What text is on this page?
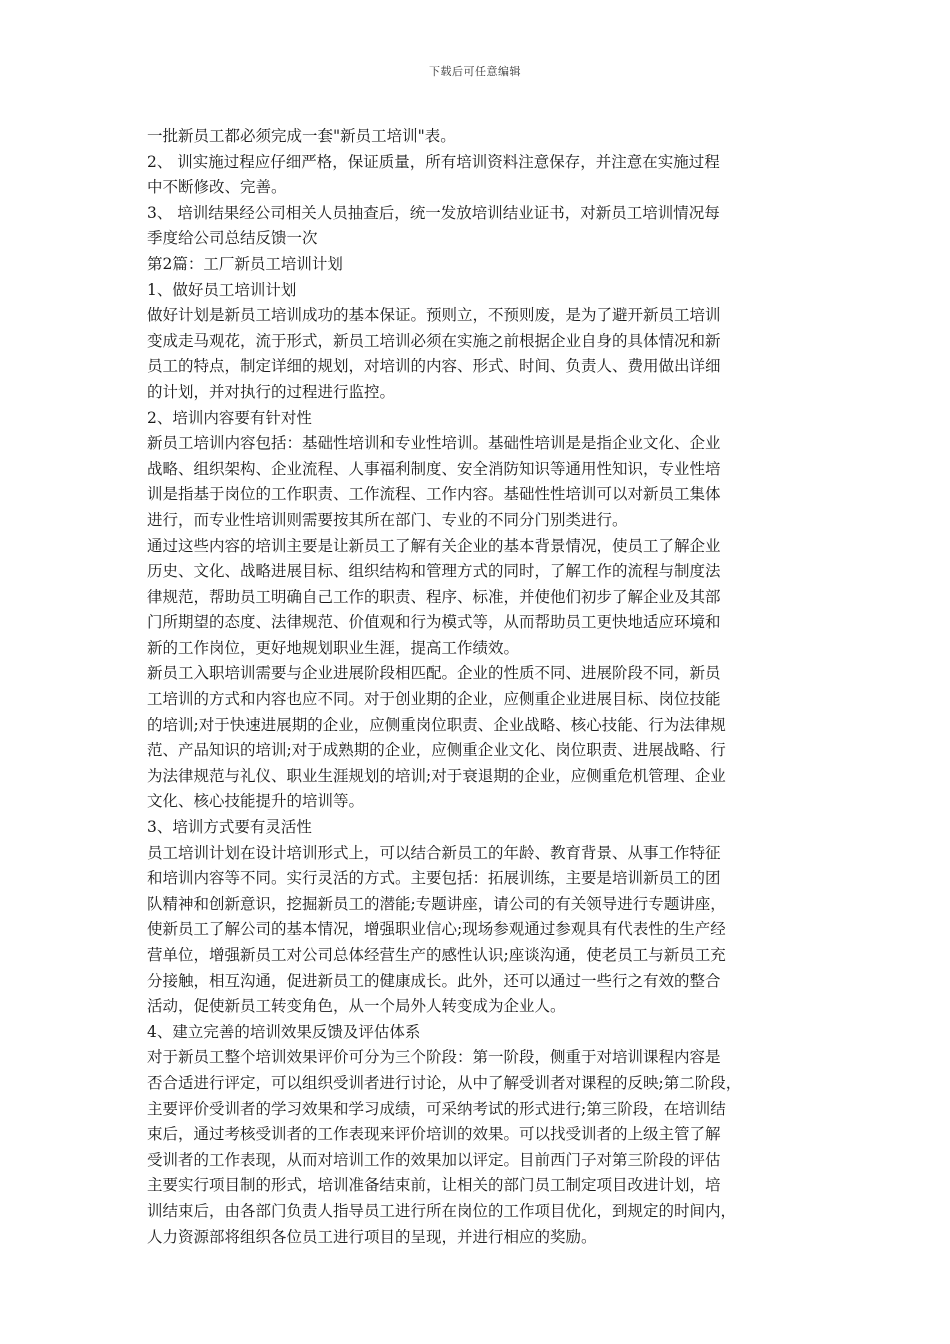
下载后可任意编辑
一批新员工都必须完成一套"新员工培训"表。
2、 训实施过程应仔细严格，保证质量，所有培训资料注意保存，并注意在实施过程
中不断修改、完善。
3、 培训结果经公司相关人员抽查后，统一发放培训结业证书，对新员工培训情况每
季度给公司总结反馈一次
第2篇：工厂新员工培训计划
1、做好员工培训计划
做好计划是新员工培训成功的基本保证。预则立，不预则废，是为了避开新员工培训
变成走马观花，流于形式，新员工培训必须在实施之前根据企业自身的具体情况和新
员工的特点，制定详细的规划，对培训的内容、形式、时间、负责人、费用做出详细
的计划，并对执行的过程进行监控。
2、培训内容要有针对性
新员工培训内容包括：基础性培训和专业性培训。基础性培训是是指企业文化、企业
战略、组织架构、企业流程、人事福利制度、安全消防知识等通用性知识，专业性培
训是指基于岗位的工作职责、工作流程、工作内容。基础性性培训可以对新员工集体
进行，而专业性培训则需要按其所在部门、专业的不同分门别类进行。
通过这些内容的培训主要是让新员工了解有关企业的基本背景情况，使员工了解企业
历史、文化、战略进展目标、组织结构和管理方式的同时，了解工作的流程与制度法
律规范，帮助员工明确自己工作的职责、程序、标准，并使他们初步了解企业及其部
门所期望的态度、法律规范、价值观和行为模式等，从而帮助员工更快地适应环境和
新的工作岗位，更好地规划职业生涯，提高工作绩效。
新员工入职培训需要与企业进展阶段相匹配。企业的性质不同、进展阶段不同，新员
工培训的方式和内容也应不同。对于创业期的企业，应侧重企业进展目标、岗位技能
的培训;对于快速进展期的企业，应侧重岗位职责、企业战略、核心技能、行为法律规
范、产品知识的培训;对于成熟期的企业，应侧重企业文化、岗位职责、进展战略、行
为法律规范与礼仪、职业生涯规划的培训;对于衰退期的企业，应侧重危机管理、企业
文化、核心技能提升的培训等。
3、培训方式要有灵活性
员工培训计划在设计培训形式上，可以结合新员工的年龄、教育背景、从事工作特征
和培训内容等不同。实行灵活的方式。主要包括：拓展训练，主要是培训新员工的团
队精神和创新意识，挖掘新员工的潜能;专题讲座，请公司的有关领导进行专题讲座，
使新员工了解公司的基本情况，增强职业信心;现场参观通过参观具有代表性的生产经
营单位，增强新员工对公司总体经营生产的感性认识;座谈沟通，使老员工与新员工充
分接触，相互沟通，促进新员工的健康成长。此外，还可以通过一些行之有效的整合
活动，促使新员工转变角色，从一个局外人转变成为企业人。
4、建立完善的培训效果反馈及评估体系
对于新员工整个培训效果评价可分为三个阶段：第一阶段，侧重于对培训课程内容是
否合适进行评定，可以组织受训者进行讨论，从中了解受训者对课程的反映;第二阶段，
主要评价受训者的学习效果和学习成绩，可采纳考试的形式进行;第三阶段，在培训结
束后，通过考核受训者的工作表现来评价培训的效果。可以找受训者的上级主管了解
受训者的工作表现，从而对培训工作的效果加以评定。目前西门子对第三阶段的评估
主要实行项目制的形式，培训准备结束前，让相关的部门员工制定项目改进计划，培
训结束后，由各部门负责人指导员工进行所在岗位的工作项目优化，到规定的时间内，
人力资源部将组织各位员工进行项目的呈现，并进行相应的奖励。
